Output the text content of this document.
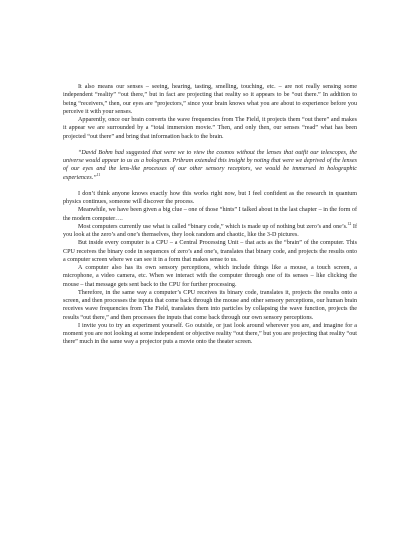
It also means our senses – seeing, hearing, tasting, smelling, touching, etc. – are not really sensing some independent “reality” “out there,” but in fact are projecting that reality so it appears to be “out there.” In addition to being “receivers,” then, our eyes are “projectors,” since your brain knows what you are about to experience before you perceive it with your senses.

Apparently, once our brain converts the wave frequencies from The Field, it projects them “out there” and makes it appear we are surrounded by a “total immersion movie.” Then, and only then, our senses “read” what has been projected “out there” and bring that information back to the brain.

“David Bohm had suggested that were we to view the cosmos without the lenses that outfit our telescopes, the universe would appear to us as a hologram. Pribram extended this insight by noting that were we deprived of the lenses of our eyes and the lens-like processes of our other sensory receptors, we would be immersed in holographic experiences.”$^{11}$

I don’t think anyone knows exactly how this works right now, but I feel confident as the research in quantum physics continues, someone will discover the process.

Meanwhile, we have been given a big clue – one of those “hints” I talked about in the last chapter – in the form of the modern computer….

Most computers currently use what is called “binary code,” which is made up of nothing but zero’s and one’s.$^{12}$ If you look at the zero’s and one’s themselves, they look random and chaotic, like the 3-D pictures.

But inside every computer is a CPU – a Central Processing Unit – that acts as the “brain” of the computer. This CPU receives the binary code in sequences of zero’s and one’s, translates that binary code, and projects the results onto a computer screen where we can see it in a form that makes sense to us.

A computer also has its own sensory perceptions, which include things like a mouse, a touch screen, a microphone, a video camera, etc. When we interact with the computer through one of its senses – like clicking the mouse – that message gets sent back to the CPU for further processing.

Therefore, in the same way a computer’s CPU receives its binary code, translates it, projects the results onto a screen, and then processes the inputs that come back through the mouse and other sensory perceptions, our human brain receives wave frequencies from The Field, translates them into particles by collapsing the wave function, projects the results “out there,” and then processes the inputs that come back through our own sensory perceptions.

I invite you to try an experiment yourself. Go outside, or just look around wherever you are, and imagine for a moment you are not looking at some independent or objective reality “out there,” but you are projecting that reality “out there” much in the same way a projector puts a movie onto the theater screen.
